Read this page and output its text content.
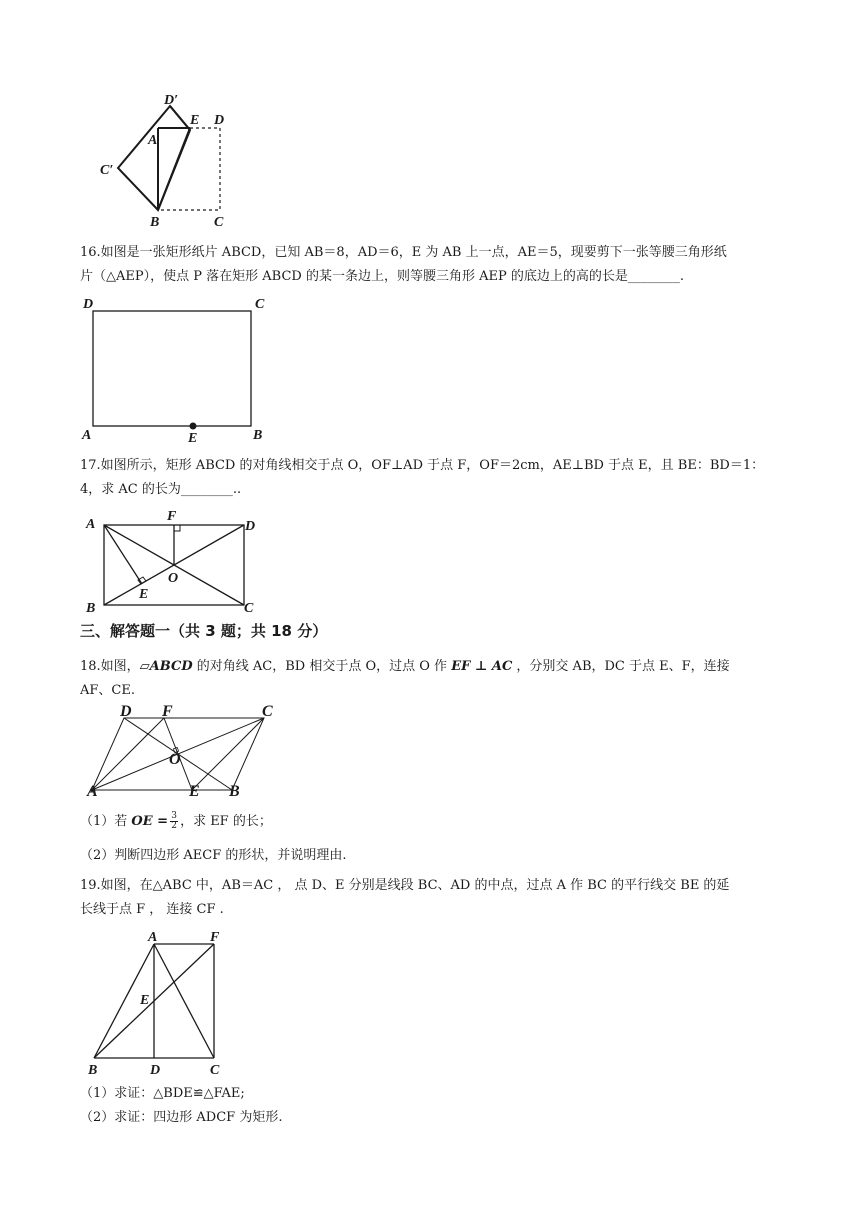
D′
E D
A
C′
B	C
16.如图是一张矩形纸片 ABCD，已知 AB＝8，AD＝6，E 为 AB 上一点，AE＝5，现要剪下一张等腰三角形纸
片（△AEP），使点 P 落在矩形 ABCD 的某一条边上，则等腰三角形 AEP 的底边上的高的长是________.
D	C
A	E	B
17.如图所示，矩形 ABCD 的对角线相交于点 O，OF⊥AD 于点 F，OF＝2cm，AE⊥BD 于点 E，且 BE：BD＝1：
4，求 AC 的长为________..
A
F
D
O
E
B	C
三、解答题一（共 3 题；共 18 分）
18.如图，▱ABCD 的对角线 AC，BD 相交于点 O，过点 O 作 EF ⊥ AC ，分别交 AB，DC 于点 E、F，连接
AF、CE.
D F	C
O
A	E B
（1）若 OE = $\frac{3}{2}$ ，求 EF 的长；
（2）判断四边形 AECF 的形状，并说明理由.
19.如图，在△ABC 中，AB＝AC ， 点 D、E 分别是线段 BC、AD 的中点，过点 A 作 BC 的平行线交 BE 的延
长线于点 F ， 连接 CF .
A	F
E
B	D	C
（1）求证：△BDE≌△FAE;
（2）求证：四边形 ADCF 为矩形.
